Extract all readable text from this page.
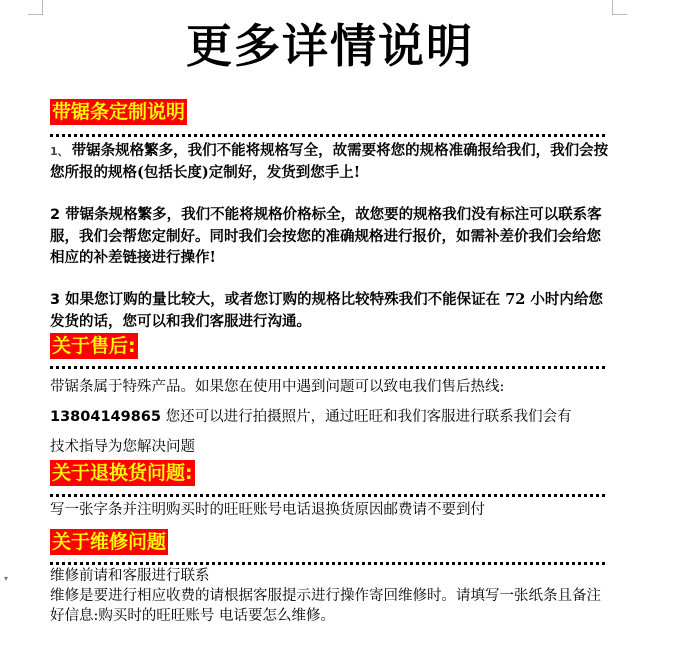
▾
更多详情说明
带锯条定制说明

1、 带锯条规格繁多，我们不能将规格写全，故需要将您的规格准确报给我们，我们会按您所报的规格(包括长度)定制好，发货到您手上!

2 带锯条规格繁多，我们不能将规格价格标全，故您要的规格我们没有标注可以联系客服，我们会帮您定制好。同时我们会按您的准确规格进行报价，如需补差价我们会给您相应的补差链接进行操作!

3 如果您订购的量比较大，或者您订购的规格比较特殊我们不能保证在 72 小时内给您发货的话，您可以和我们客服进行沟通。

关于售后:

带锯条属于特殊产品。如果您在使用中遇到问题可以致电我们售后热线:

13804149865 您还可以进行拍摄照片，通过旺旺和我们客服进行联系我们会有

技术指导为您解决问题

关于退换货问题:

写一张字条并注明购买时的旺旺账号电话退换货原因邮费请不要到付

关于维修问题

维修前请和客服进行联系

维修是要进行相应收费的请根据客服提示进行操作寄回维修时。请填写一张纸条且备注好信息:购买时的旺旺账号 电话要怎么维修。
